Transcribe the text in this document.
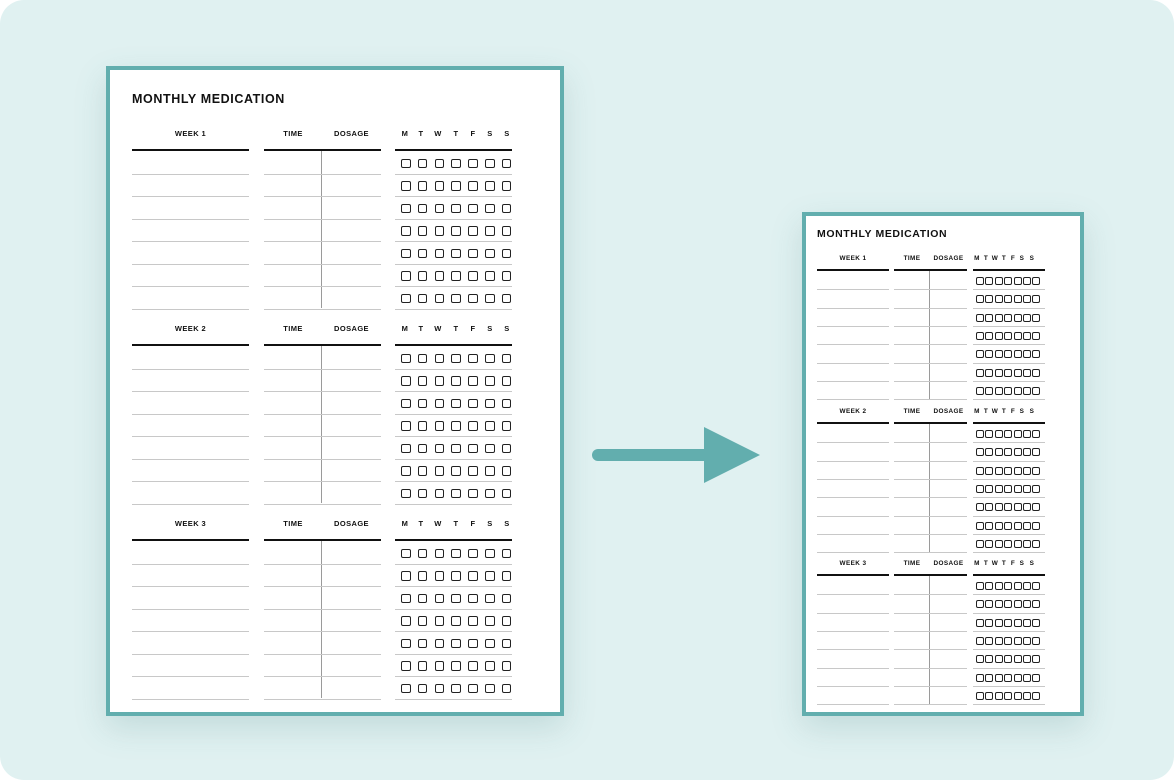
MONTHLY MEDICATION
WEEK 1	TIME	DOSAGE	M	T	W	T	F	S	S
WEEK 2	TIME	DOSAGE	M	T	W	T	F	S	S
WEEK 3	TIME	DOSAGE	M	T	W	T	F	S	S
MONTHLY MEDICATION
WEEK 1	TIME	DOSAGE	M T W T F S S
WEEK 2	TIME	DOSAGE	M T W T F S S
WEEK 3	TIME	DOSAGE	M T W T F S S
